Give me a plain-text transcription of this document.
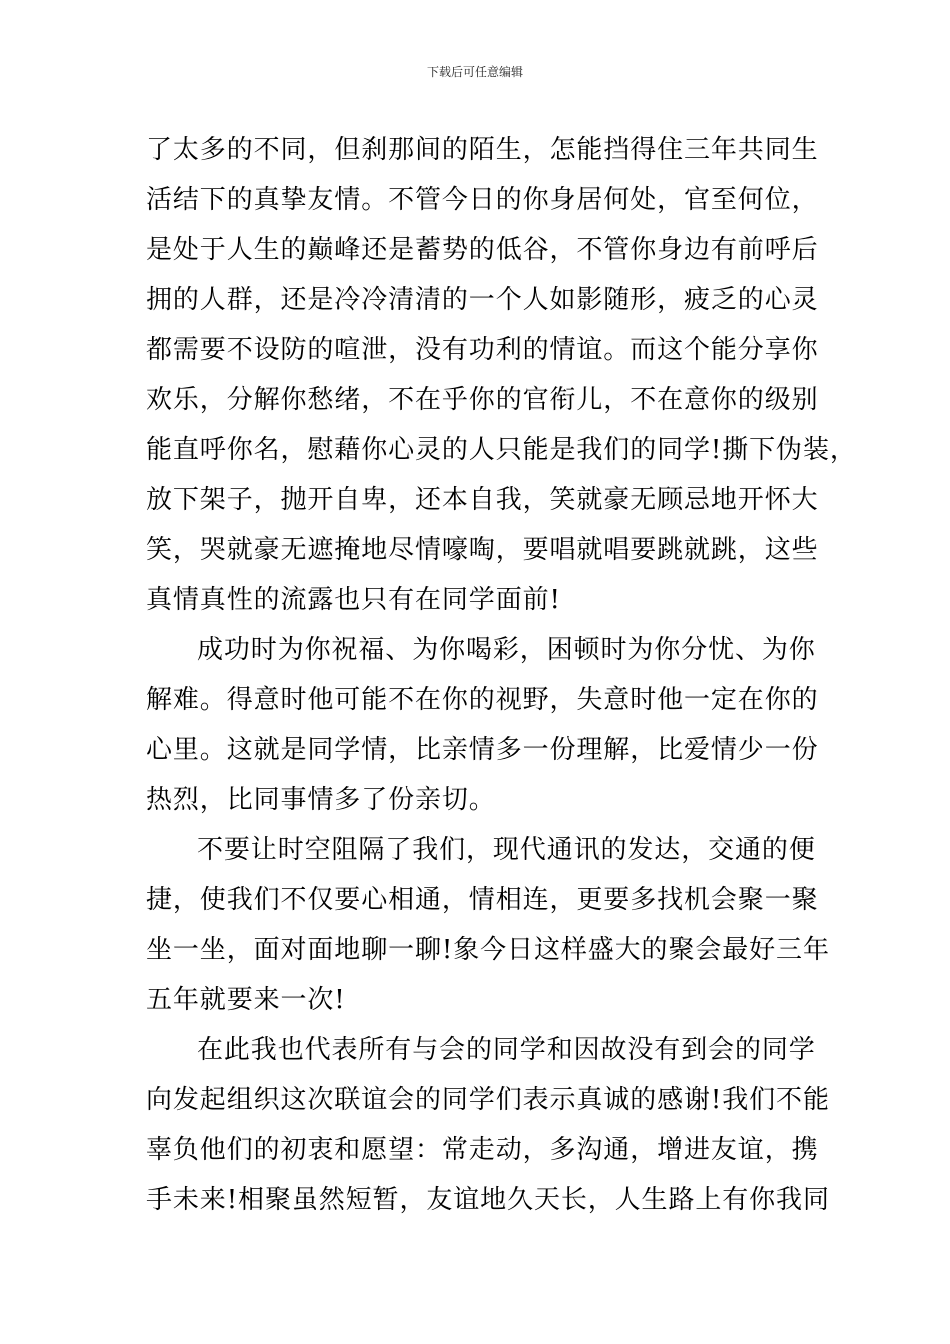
下载后可任意编辑
了太多的不同，但刹那间的陌生，怎能挡得住三年共同生
活结下的真挚友情。不管今日的你身居何处，官至何位，
是处于人生的巅峰还是蓄势的低谷，不管你身边有前呼后
拥的人群，还是冷冷清清的一个人如影随形，疲乏的心灵
都需要不设防的喧泄，没有功利的情谊。而这个能分享你
欢乐，分解你愁绪，不在乎你的官衔儿，不在意你的级别
能直呼你名，慰藉你心灵的人只能是我们的同学!撕下伪装，
放下架子，抛开自卑，还本自我，笑就豪无顾忌地开怀大
笑，哭就豪无遮掩地尽情嚎啕，要唱就唱要跳就跳，这些
真情真性的流露也只有在同学面前!
成功时为你祝福、为你喝彩，困顿时为你分忧、为你
解难。得意时他可能不在你的视野，失意时他一定在你的
心里。这就是同学情，比亲情多一份理解，比爱情少一份
热烈，比同事情多了份亲切。
不要让时空阻隔了我们，现代通讯的发达，交通的便
捷，使我们不仅要心相通，情相连，更要多找机会聚一聚
坐一坐，面对面地聊一聊!象今日这样盛大的聚会最好三年
五年就要来一次!
在此我也代表所有与会的同学和因故没有到会的同学
向发起组织这次联谊会的同学们表示真诚的感谢!我们不能
辜负他们的初衷和愿望：常走动，多沟通，增进友谊，携
手未来!相聚虽然短暂，友谊地久天长，人生路上有你我同
